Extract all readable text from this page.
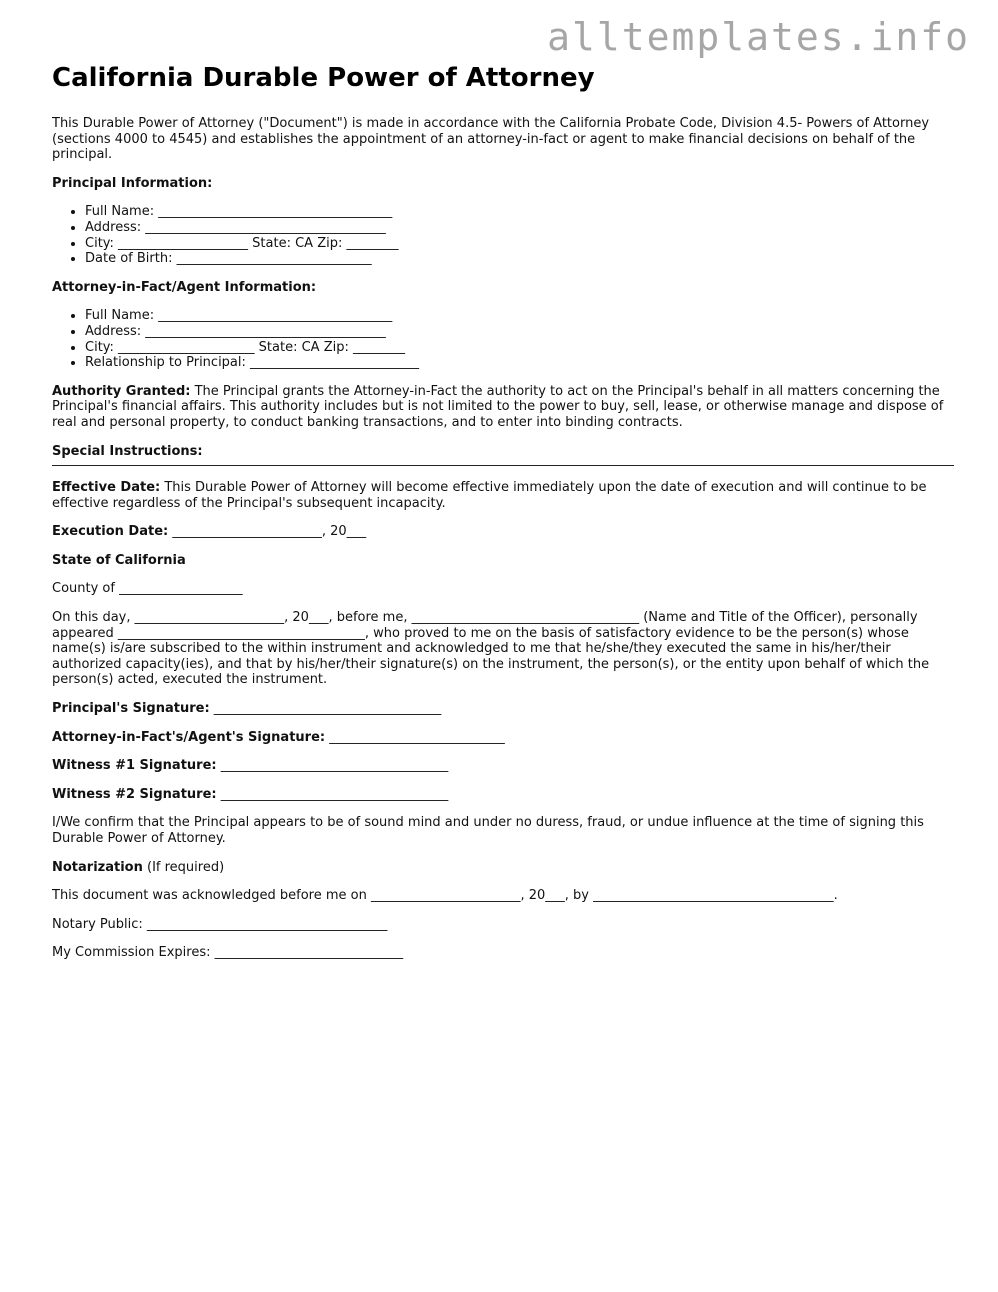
alltemplates.info

California Durable Power of Attorney

This Durable Power of Attorney ("Document") is made in accordance with the California Probate Code, Division 4.5- Powers of Attorney (sections 4000 to 4545) and establishes the appointment of an attorney-in-fact or agent to make financial decisions on behalf of the principal.

Principal Information:

• Full Name: ____________________________________
• Address: _____________________________________
• City: ____________________ State: CA Zip: ________
• Date of Birth: ______________________________

Attorney-in-Fact/Agent Information:

• Full Name: ____________________________________
• Address: _____________________________________
• City: _____________________ State: CA Zip: ________
• Relationship to Principal: __________________________

Authority Granted: The Principal grants the Attorney-in-Fact the authority to act on the Principal's behalf in all matters concerning the Principal's financial affairs. This authority includes but is not limited to the power to buy, sell, lease, or otherwise manage and dispose of real and personal property, to conduct banking transactions, and to enter into binding contracts.

Special Instructions:

Effective Date: This Durable Power of Attorney will become effective immediately upon the date of execution and will continue to be effective regardless of the Principal's subsequent incapacity.

Execution Date: _______________________, 20___

State of California

County of ___________________

On this day, _______________________, 20___, before me, ___________________________________ (Name and Title of the Officer), personally appeared ______________________________________, who proved to me on the basis of satisfactory evidence to be the person(s) whose name(s) is/are subscribed to the within instrument and acknowledged to me that he/she/they executed the same in his/her/their authorized capacity(ies), and that by his/her/their signature(s) on the instrument, the person(s), or the entity upon behalf of which the person(s) acted, executed the instrument.

Principal's Signature: ___________________________________

Attorney-in-Fact's/Agent's Signature: ___________________________

Witness #1 Signature: ___________________________________

Witness #2 Signature: ___________________________________

I/We confirm that the Principal appears to be of sound mind and under no duress, fraud, or undue influence at the time of signing this Durable Power of Attorney.

Notarization (If required)

This document was acknowledged before me on _______________________, 20___, by _____________________________________.

Notary Public: _____________________________________

My Commission Expires: _____________________________
